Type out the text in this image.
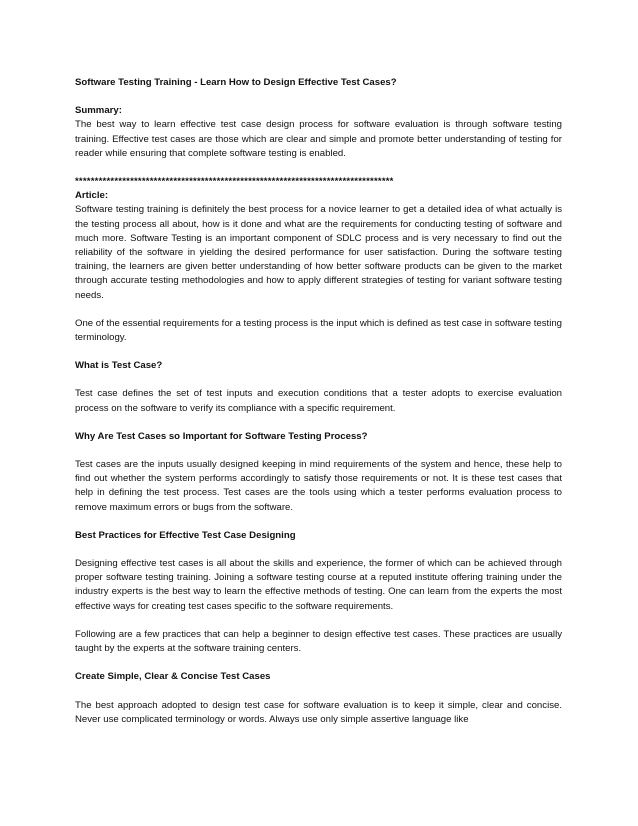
Software Testing Training - Learn How to Design Effective Test Cases?

Summary:

The best way to learn effective test case design process for software evaluation is through software testing training. Effective test cases are those which are clear and simple and promote better understanding of testing for reader while ensuring that complete software testing is enabled.

*********************************************************************************

Article:

Software testing training is definitely the best process for a novice learner to get a detailed idea of what actually is the testing process all about, how is it done and what are the requirements for conducting testing of software and much more. Software Testing is an important component of SDLC process and is very necessary to find out the reliability of the software in yielding the desired performance for user satisfaction. During the software testing training, the learners are given better understanding of how better software products can be given to the market through accurate testing methodologies and how to apply different strategies of testing for variant software testing needs.

One of the essential requirements for a testing process is the input which is defined as test case in software testing terminology.

What is Test Case?

Test case defines the set of test inputs and execution conditions that a tester adopts to exercise evaluation process on the software to verify its compliance with a specific requirement.

Why Are Test Cases so Important for Software Testing Process?

Test cases are the inputs usually designed keeping in mind requirements of the system and hence, these help to find out whether the system performs accordingly to satisfy those requirements or not. It is these test cases that help in defining the test process. Test cases are the tools using which a tester performs evaluation process to remove maximum errors or bugs from the software.

Best Practices for Effective Test Case Designing

Designing effective test cases is all about the skills and experience, the former of which can be achieved through proper software testing training. Joining a software testing course at a reputed institute offering training under the industry experts is the best way to learn the effective methods of testing. One can learn from the experts the most effective ways for creating test cases specific to the software requirements.

Following are a few practices that can help a beginner to design effective test cases. These practices are usually taught by the experts at the software training centers.

Create Simple, Clear & Concise Test Cases

The best approach adopted to design test case for software evaluation is to keep it simple, clear and concise. Never use complicated terminology or words. Always use only simple assertive language like
